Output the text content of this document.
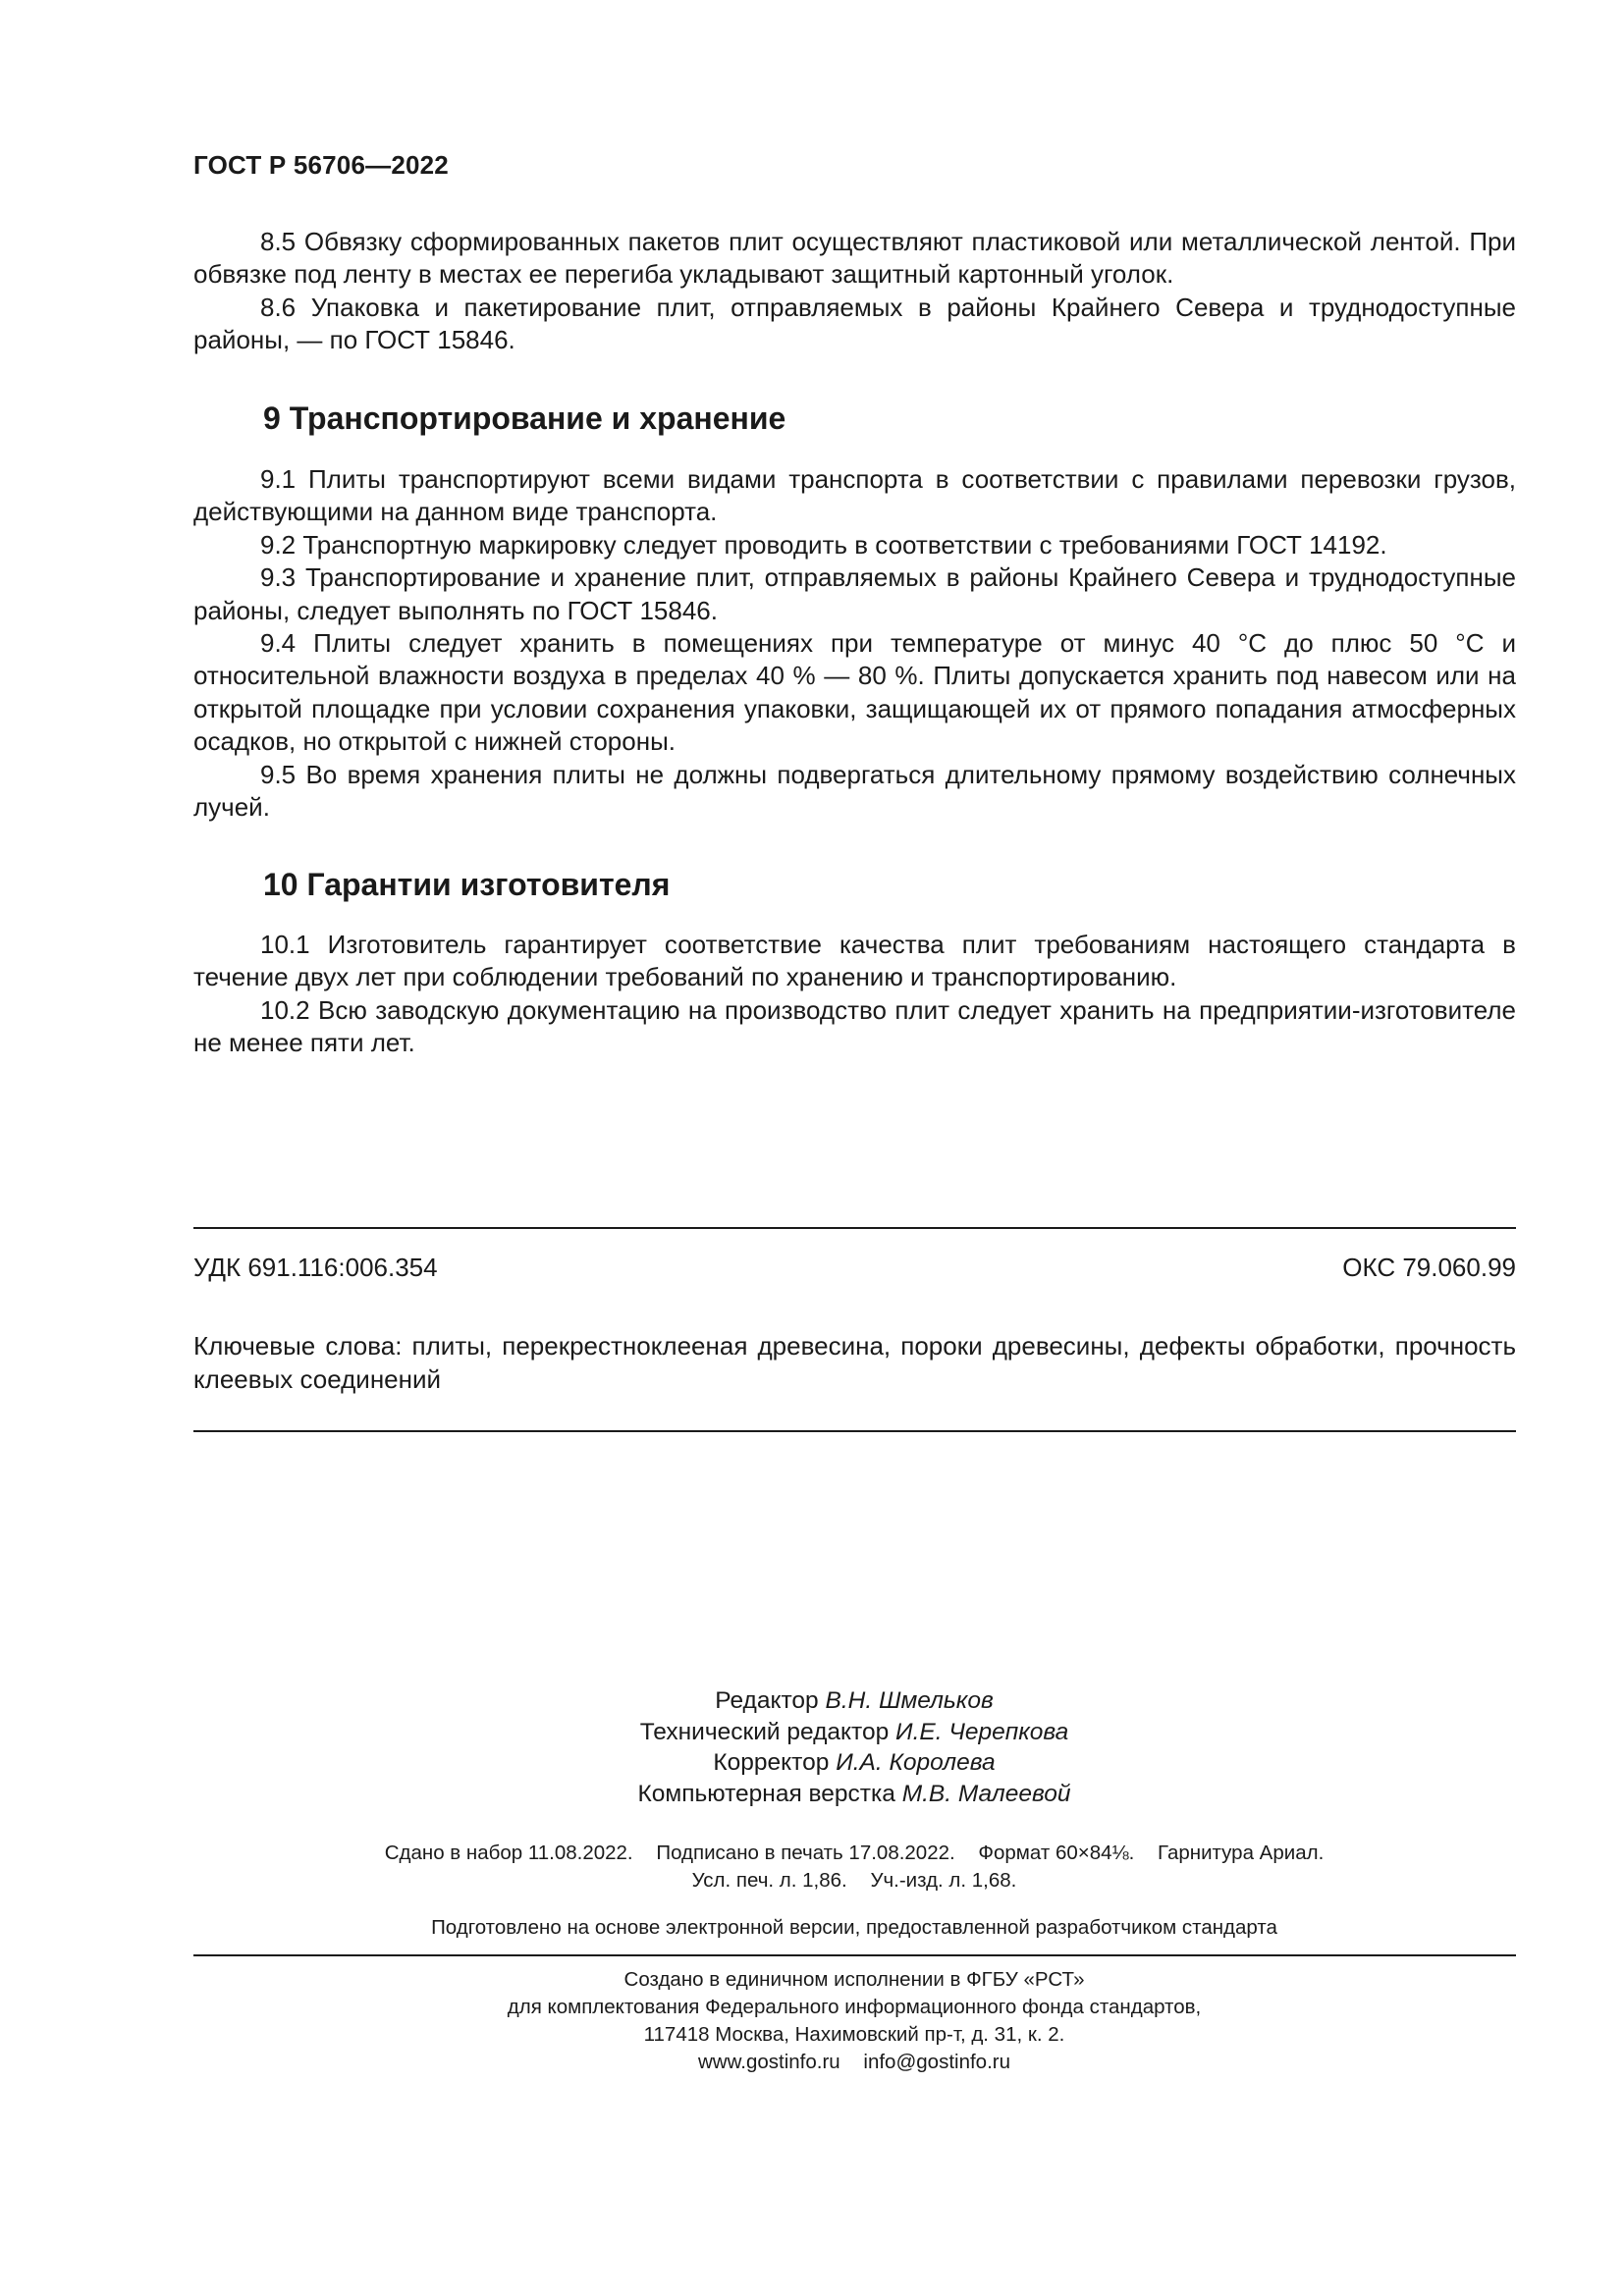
ГОСТ Р 56706—2022

8.5 Обвязку сформированных пакетов плит осуществляют пластиковой или металлической лентой. При обвязке под ленту в местах ее перегиба укладывают защитный картонный уголок.

8.6 Упаковка и пакетирование плит, отправляемых в районы Крайнего Севера и труднодоступные районы, — по ГОСТ 15846.

9 Транспортирование и хранение

9.1 Плиты транспортируют всеми видами транспорта в соответствии с правилами перевозки грузов, действующими на данном виде транспорта.

9.2 Транспортную маркировку следует проводить в соответствии с требованиями ГОСТ 14192.

9.3 Транспортирование и хранение плит, отправляемых в районы Крайнего Севера и труднодоступные районы, следует выполнять по ГОСТ 15846.

9.4 Плиты следует хранить в помещениях при температуре от минус 40 °С до плюс 50 °С и относительной влажности воздуха в пределах 40 % — 80 %. Плиты допускается хранить под навесом или на открытой площадке при условии сохранения упаковки, защищающей их от прямого попадания атмосферных осадков, но открытой с нижней стороны.

9.5 Во время хранения плиты не должны подвергаться длительному прямому воздействию солнечных лучей.

10 Гарантии изготовителя

10.1 Изготовитель гарантирует соответствие качества плит требованиям настоящего стандарта в течение двух лет при соблюдении требований по хранению и транспортированию.

10.2 Всю заводскую документацию на производство плит следует хранить на предприятии-изготовителе не менее пяти лет.

УДК 691.116:006.354	ОКС 79.060.99
Ключевые слова: плиты, перекрестноклееная древесина, пороки древесины, дефекты обработки, прочность клеевых соединений
Редактор В.Н. Шмельков
Технический редактор И.Е. Черепкова
Корректор И.А. Королева
Компьютерная верстка М.В. Малеевой
Сдано в набор 11.08.2022. Подписано в печать 17.08.2022. Формат 60×84⅛. Гарнитура Ариал.
Усл. печ. л. 1,86. Уч.-изд. л. 1,68.
Подготовлено на основе электронной версии, предоставленной разработчиком стандарта
Создано в единичном исполнении в ФГБУ «РСТ»
для комплектования Федерального информационного фонда стандартов,
117418 Москва, Нахимовский пр-т, д. 31, к. 2.
www.gostinfo.ru info@gostinfo.ru
